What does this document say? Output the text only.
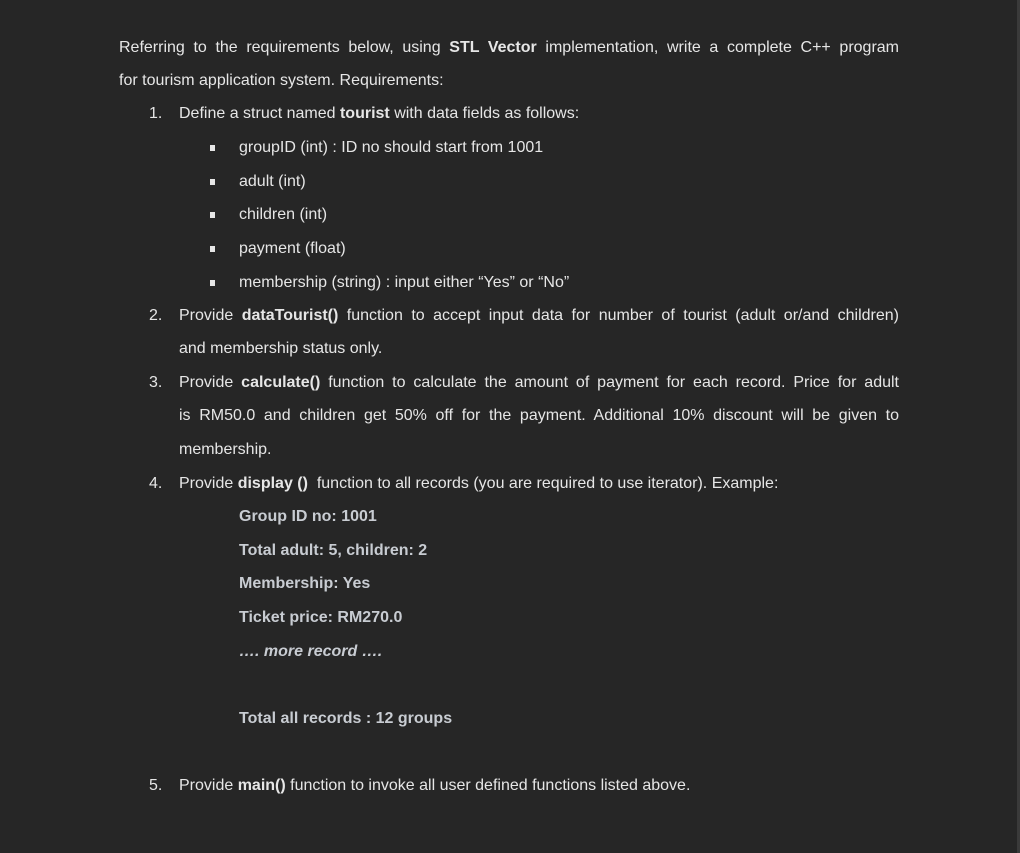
Referring to the requirements below, using STL Vector implementation, write a complete C++ program
for tourism application system. Requirements:
1. Define a struct named tourist with data fields as follows:
groupID (int) : ID no should start from 1001
adult (int)
children (int)
payment (float)
membership (string) : input either “Yes” or “No”
2. Provide dataTourist() function to accept input data for number of tourist (adult or/and children)
and membership status only.
3. Provide calculate() function to calculate the amount of payment for each record. Price for adult
is RM50.0 and children get 50% off for the payment. Additional 10% discount will be given to
membership.
4. Provide display ()  function to all records (you are required to use iterator). Example:
Group ID no: 1001
Total adult: 5, children: 2
Membership: Yes
Ticket price: RM270.0
…. more record ….
Total all records : 12 groups
5. Provide main() function to invoke all user defined functions listed above.
